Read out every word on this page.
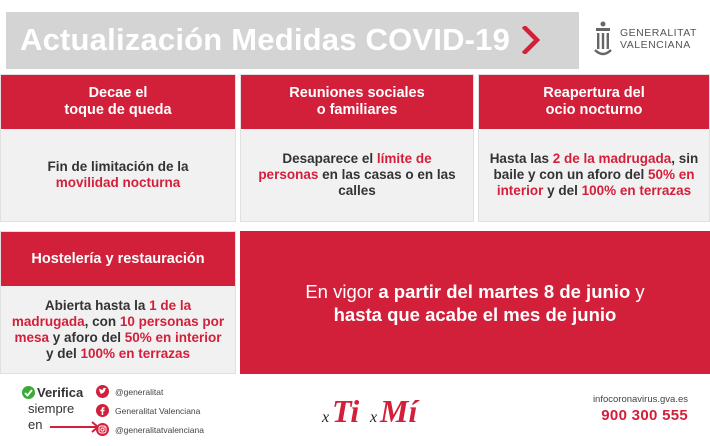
Actualización Medidas COVID-19	GENERALITAT
VALENCIANA
Decae el
toque de queda

Fin de limitación de la
movilidad nocturna

Reuniones sociales
o familiares

Desaparece el límite de personas en las casas o en las calles

Reapertura del
ocio nocturno

Hasta las 2 de la madrugada, sin baile y con un aforo del 50% en interior y del 100% en terrazas

Hostelería y restauración

Abierta hasta la 1 de la madrugada, con 10 personas por mesa y aforo del 50% en interior y del 100% en terrazas

En vigor a partir del martes 8 de junio y
hasta que acabe el mes de junio

Verifica
siempre
en
@generalitat
Generalitat Valenciana
@generalitatvalenciana
x Ti x Mí	infocoronavirus.gva.es
900 300 555
